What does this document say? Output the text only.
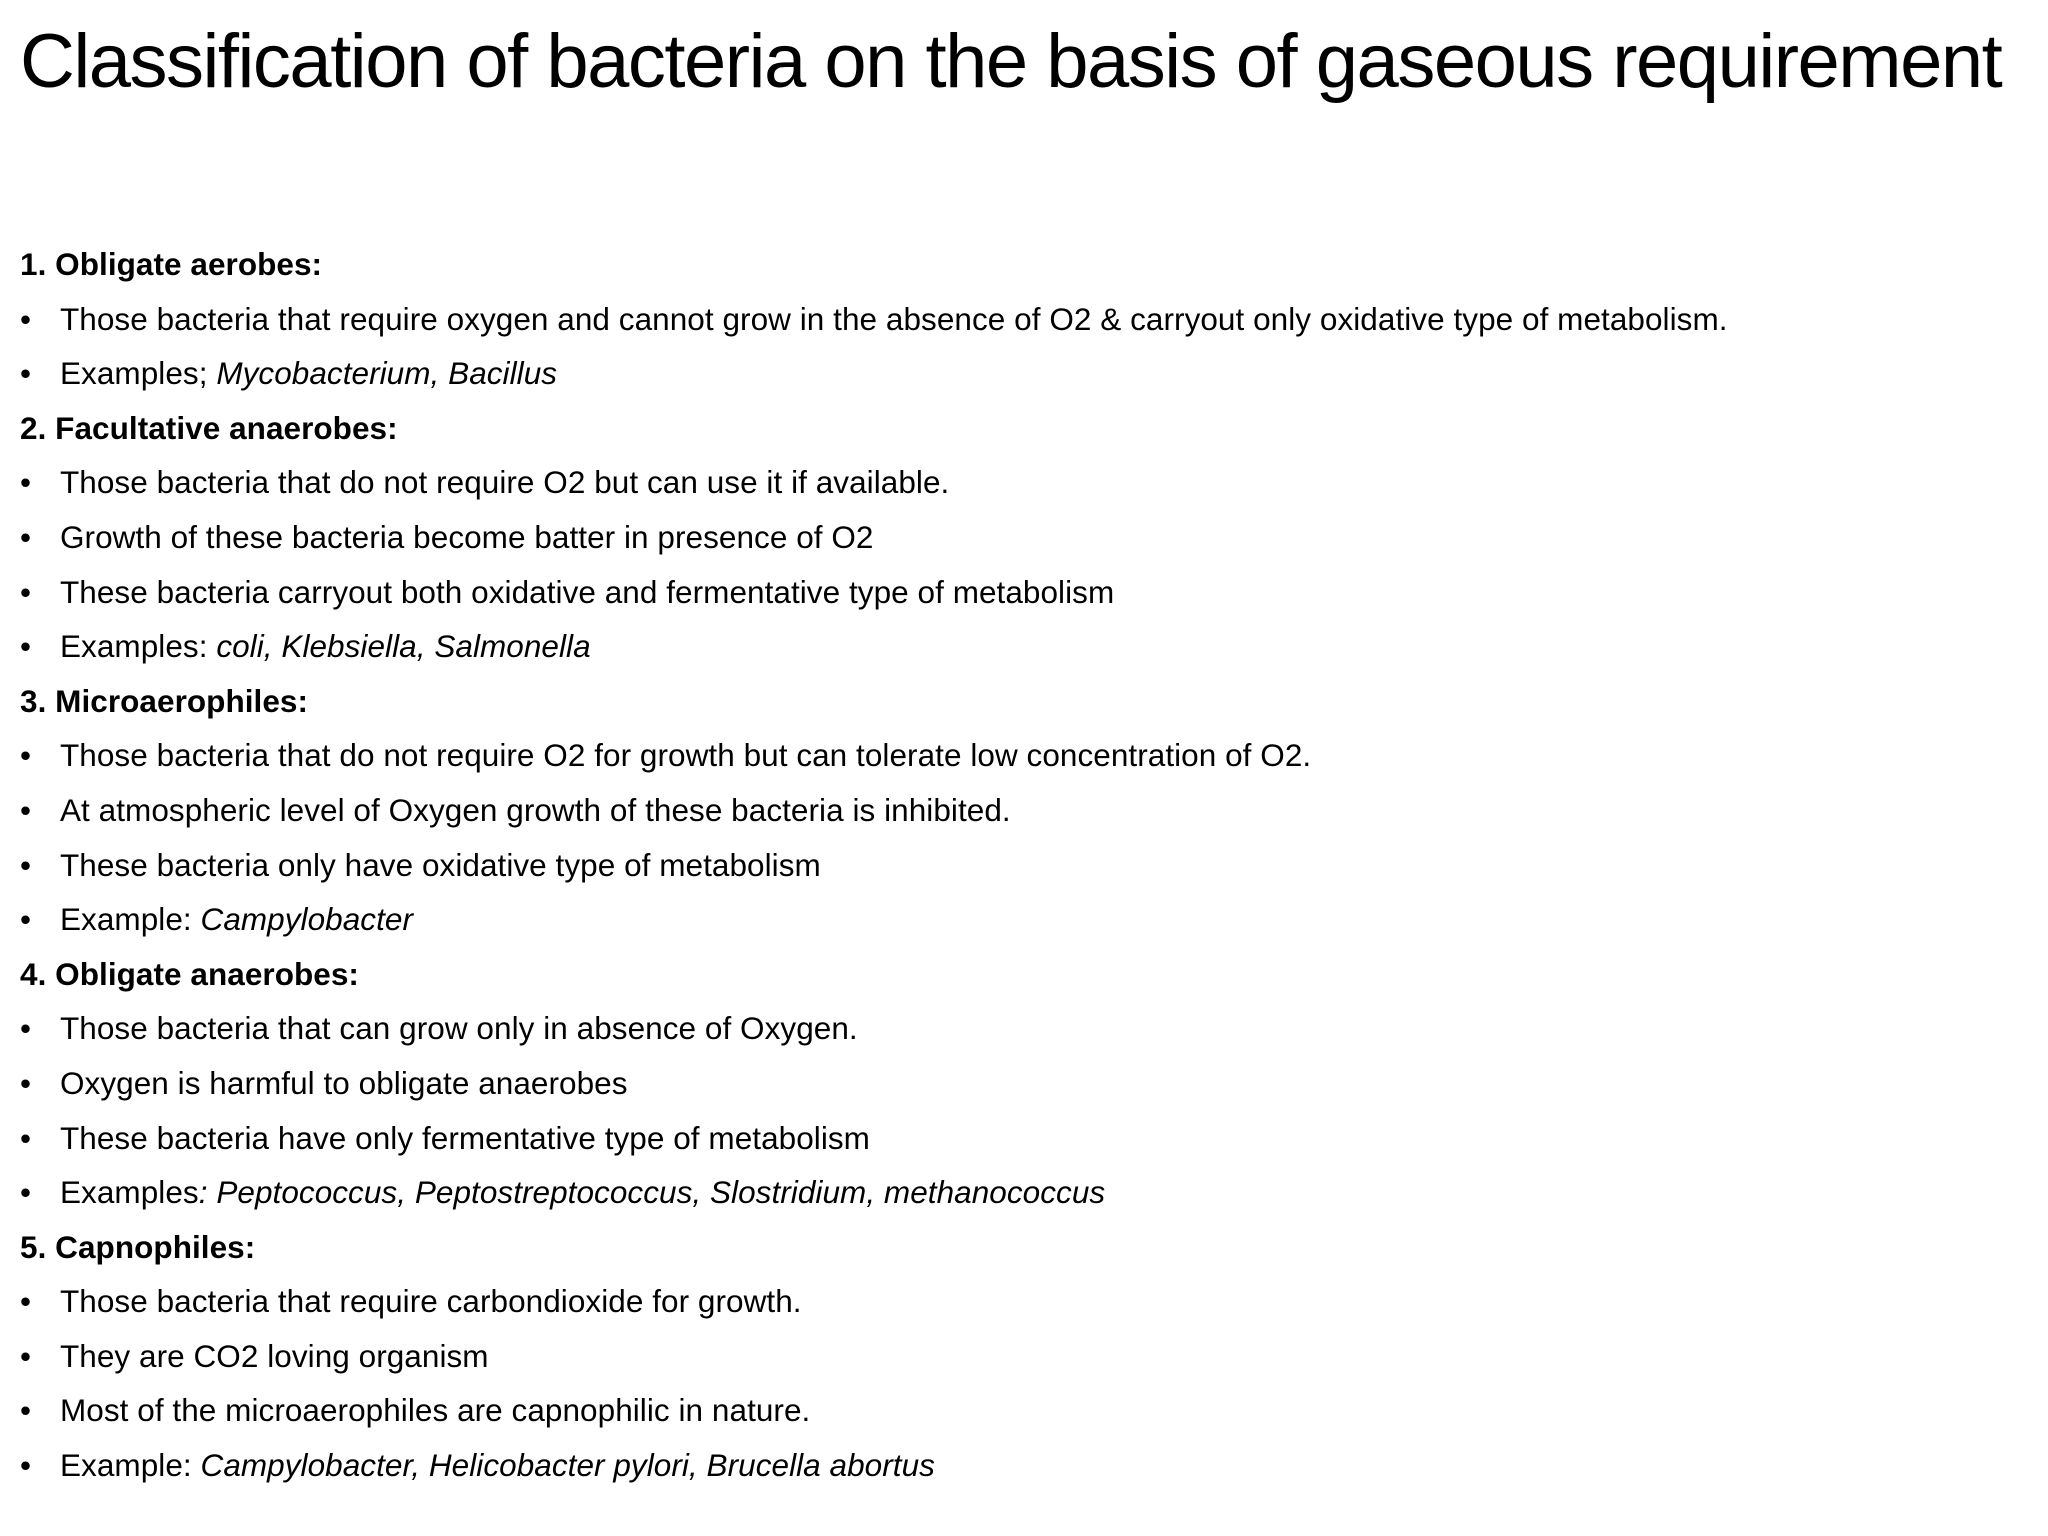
Classification of bacteria on the basis of gaseous requirement
1. Obligate aerobes:
• Those bacteria that require oxygen and cannot grow in the absence of O2 & carryout only oxidative type of metabolism.
• Examples; Mycobacterium, Bacillus
2. Facultative anaerobes:
• Those bacteria that do not require O2 but can use it if available.
• Growth of these bacteria become batter in presence of O2
• These bacteria carryout both oxidative and fermentative type of metabolism
• Examples: coli, Klebsiella, Salmonella
3. Microaerophiles:
• Those bacteria that do not require O2 for growth but can tolerate low concentration of O2.
• At atmospheric level of Oxygen growth of these bacteria is inhibited.
• These bacteria only have oxidative type of metabolism
• Example: Campylobacter
4. Obligate anaerobes:
• Those bacteria that can grow only in absence of Oxygen.
• Oxygen is harmful to obligate anaerobes
• These bacteria have only fermentative type of metabolism
• Examples: Peptococcus, Peptostreptococcus, Slostridium, methanococcus
5. Capnophiles:
• Those bacteria that require carbondioxide for growth.
• They are CO2 loving organism
• Most of the microaerophiles are capnophilic in nature.
• Example: Campylobacter, Helicobacter pylori, Brucella abortus
